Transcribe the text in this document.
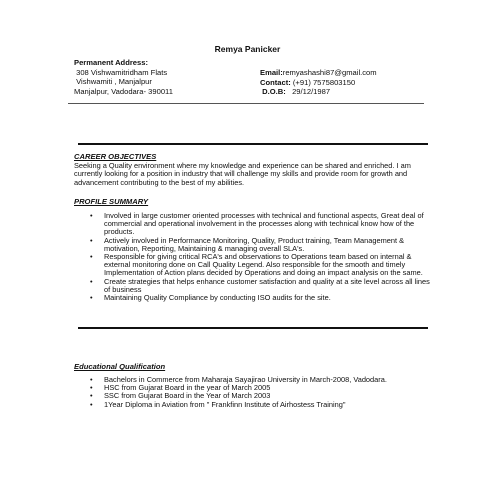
Remya Panicker
Permanent Address:
308 Vishwamitridham Flats
Vishwamiti , Manjalpur
Manjalpur, Vadodara- 390011
Email:remyashashi87@gmail.com
Contact: (+91) 7575803150
D.O.B:   29/12/1987
CAREER OBJECTIVES
Seeking a Quality environment where my knowledge and experience can be shared and enriched. I am currently looking for a position in industry that will challenge my skills and provide room for growth and advancement contributing to the best of my abilities.
PROFILE SUMMARY
• Involved in large customer oriented processes with technical and functional aspects, Great deal of commercial and operational involvement in the processes along with technical know how of the products.
• Actively involved in Performance Monitoring, Quality, Product training, Team Management & motivation, Reporting, Maintaining & managing overall SLA's.
• Responsible for giving critical RCA's and observations to Operations team based on internal & external monitoring done on Call Quality Legend. Also responsible for the smooth and timely Implementation of Action plans decided by Operations and doing an impact analysis on the same.
• Create strategies that helps enhance customer satisfaction and quality at a site level across all lines of business
• Maintaining Quality Compliance by conducting ISO audits for the site.
Educational Qualification
• Bachelors in Commerce from Maharaja Sayajirao University in March-2008, Vadodara.
• HSC from Gujarat Board in the year of March 2005
• SSC from Gujarat Board in the Year of March 2003
• 1Year Diploma in Aviation from " Frankfinn Institute of Airhostess Training"
